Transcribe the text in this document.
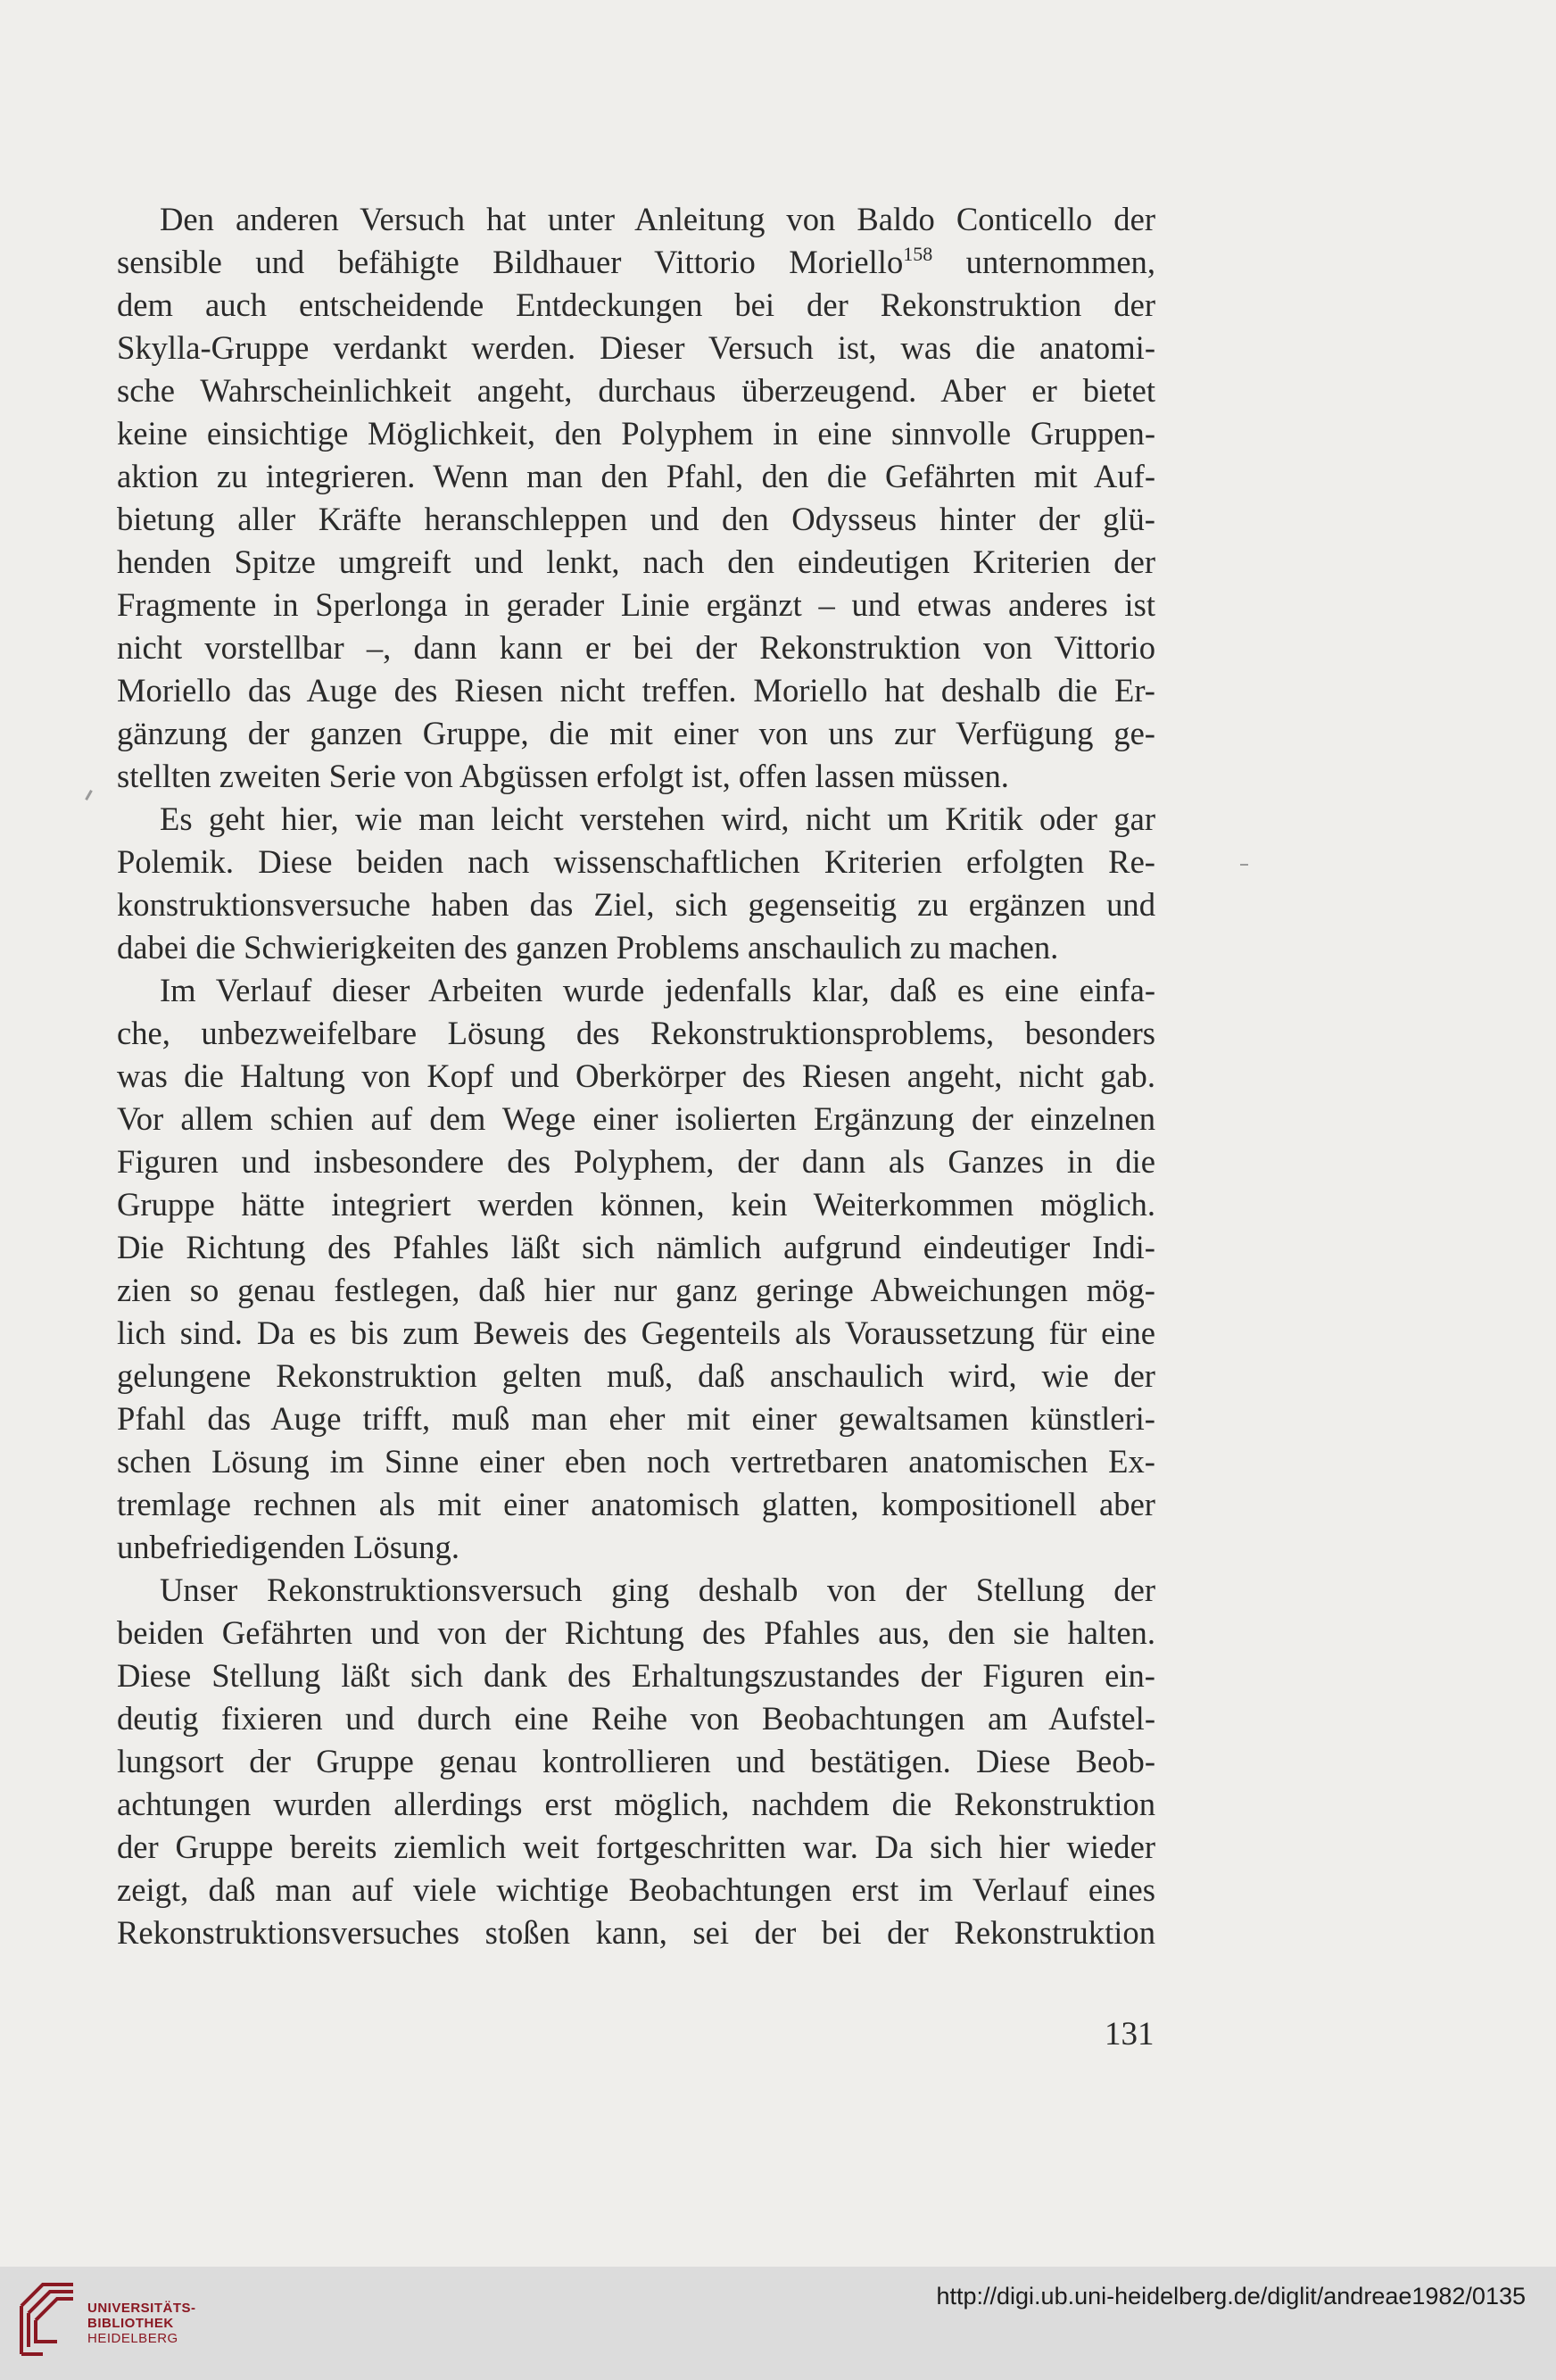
Den anderen Versuch hat unter Anleitung von Baldo Conticello der
sensible und befähigte Bildhauer Vittorio Moriello$^{158}$ unternommen,
dem auch entscheidende Entdeckungen bei der Rekonstruktion der
Skylla-Gruppe verdankt werden. Dieser Versuch ist, was die anatomi-
sche Wahrscheinlichkeit angeht, durchaus überzeugend. Aber er bietet
keine einsichtige Möglichkeit, den Polyphem in eine sinnvolle Gruppen-
aktion zu integrieren. Wenn man den Pfahl, den die Gefährten mit Auf-
bietung aller Kräfte heranschleppen und den Odysseus hinter der glü-
henden Spitze umgreift und lenkt, nach den eindeutigen Kriterien der
Fragmente in Sperlonga in gerader Linie ergänzt – und etwas anderes ist
nicht vorstellbar –, dann kann er bei der Rekonstruktion von Vittorio
Moriello das Auge des Riesen nicht treffen. Moriello hat deshalb die Er-
gänzung der ganzen Gruppe, die mit einer von uns zur Verfügung ge-
stellten zweiten Serie von Abgüssen erfolgt ist, offen lassen müssen.
Es geht hier, wie man leicht verstehen wird, nicht um Kritik oder gar
Polemik. Diese beiden nach wissenschaftlichen Kriterien erfolgten Re-
konstruktionsversuche haben das Ziel, sich gegenseitig zu ergänzen und
dabei die Schwierigkeiten des ganzen Problems anschaulich zu machen.
Im Verlauf dieser Arbeiten wurde jedenfalls klar, daß es eine einfa-
che, unbezweifelbare Lösung des Rekonstruktionsproblems, besonders
was die Haltung von Kopf und Oberkörper des Riesen angeht, nicht gab.
Vor allem schien auf dem Wege einer isolierten Ergänzung der einzelnen
Figuren und insbesondere des Polyphem, der dann als Ganzes in die
Gruppe hätte integriert werden können, kein Weiterkommen möglich.
Die Richtung des Pfahles läßt sich nämlich aufgrund eindeutiger Indi-
zien so genau festlegen, daß hier nur ganz geringe Abweichungen mög-
lich sind. Da es bis zum Beweis des Gegenteils als Voraussetzung für eine
gelungene Rekonstruktion gelten muß, daß anschaulich wird, wie der
Pfahl das Auge trifft, muß man eher mit einer gewaltsamen künstleri-
schen Lösung im Sinne einer eben noch vertretbaren anatomischen Ex-
tremlage rechnen als mit einer anatomisch glatten, kompositionell aber
unbefriedigenden Lösung.
Unser Rekonstruktionsversuch ging deshalb von der Stellung der
beiden Gefährten und von der Richtung des Pfahles aus, den sie halten.
Diese Stellung läßt sich dank des Erhaltungszustandes der Figuren ein-
deutig fixieren und durch eine Reihe von Beobachtungen am Aufstel-
lungsort der Gruppe genau kontrollieren und bestätigen. Diese Beob-
achtungen wurden allerdings erst möglich, nachdem die Rekonstruktion
der Gruppe bereits ziemlich weit fortgeschritten war. Da sich hier wieder
zeigt, daß man auf viele wichtige Beobachtungen erst im Verlauf eines
Rekonstruktionsversuches stoßen kann, sei der bei der Rekonstruktion
131
UNIVERSITÄTS-
BIBLIOTHEK
HEIDELBERG
http://digi.ub.uni-heidelberg.de/diglit/andreae1982/0135
